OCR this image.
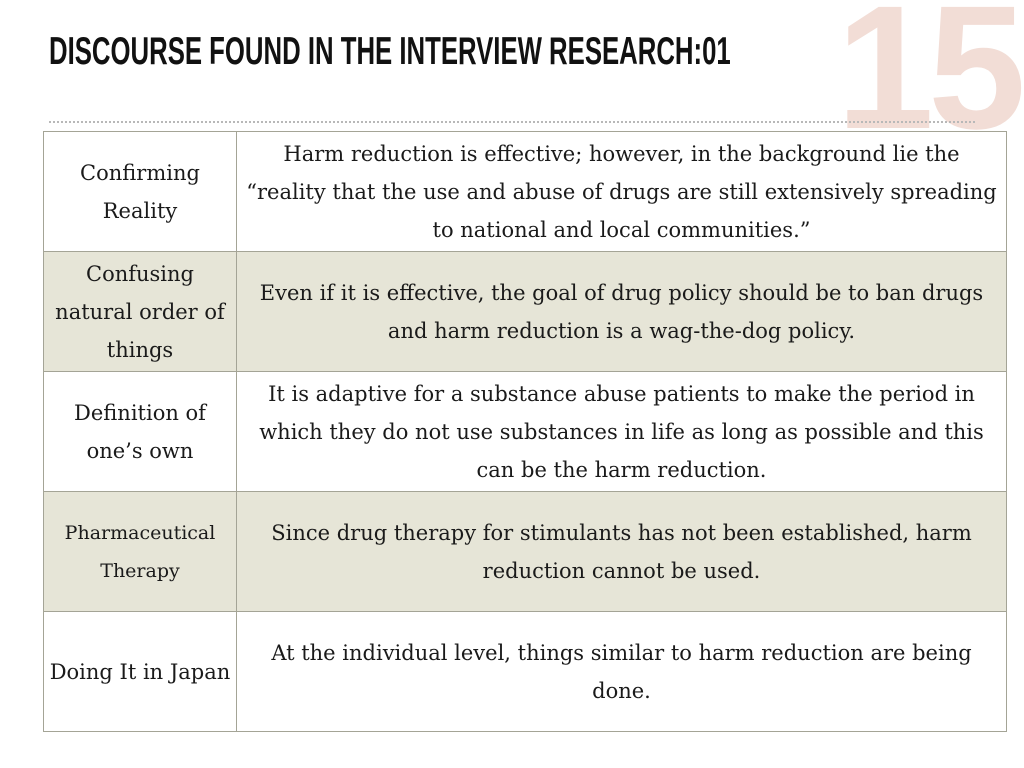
15
DISCOURSE FOUND IN THE INTERVIEW RESEARCH:01
Confirming Reality	Harm reduction is effective; however, in the background lie the “reality that the use and abuse of drugs are still extensively spreading to national and local communities.”
Confusing natural order of things	Even if it is effective, the goal of drug policy should be to ban drugs and harm reduction is a wag-the-dog policy.
Definition of one’s own	It is adaptive for a substance abuse patients to make the period in which they do not use substances in life as long as possible and this can be the harm reduction.
Pharmaceutical Therapy	Since drug therapy for stimulants has not been established, harm reduction cannot be used.
Doing It in Japan	At the individual level, things similar to harm reduction are being done.
